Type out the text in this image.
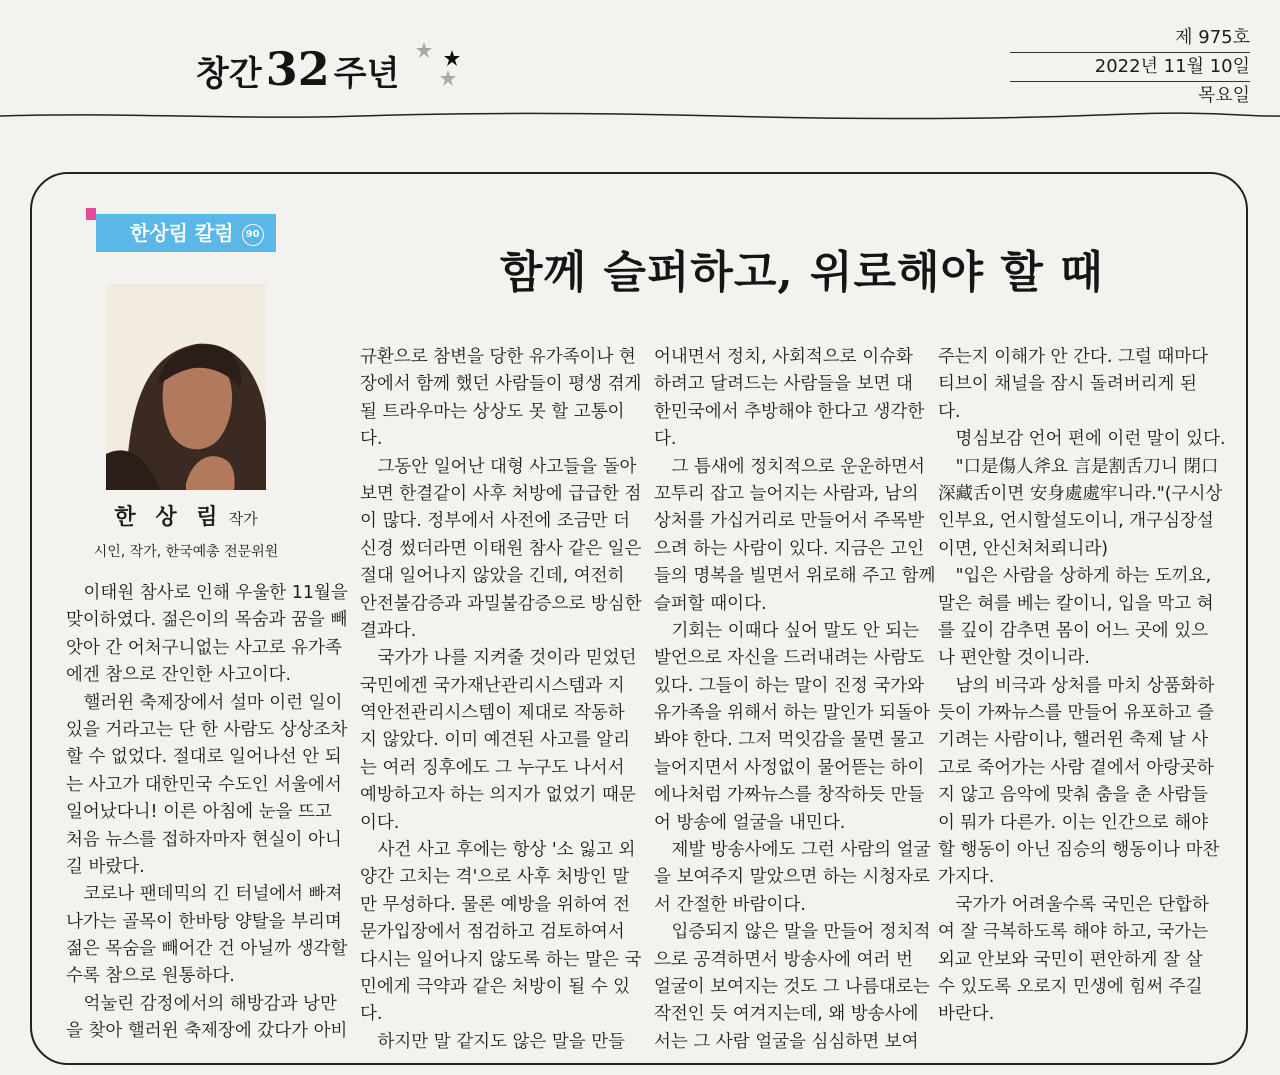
창간32 주년
제 975호
2022년 11월 10일
목요일
한상림 칼럼 90
함께 슬퍼하고, 위로해야 할 때
한 상 림 작가
시인, 작가, 한국예총 전문위원
　이태원 참사로 인해 우울한 11월을
맞이하였다. 젊은이의 목숨과 꿈을 빼
앗아 간 어처구니없는 사고로 유가족
에겐 참으로 잔인한 사고이다.
　핼러윈 축제장에서 설마 이런 일이
있을 거라고는 단 한 사람도 상상조차
할 수 없었다. 절대로 일어나선 안 되
는 사고가 대한민국 수도인 서울에서
일어났다니! 이른 아침에 눈을 뜨고
처음 뉴스를 접하자마자 현실이 아니
길 바랐다.
　코로나 팬데믹의 긴 터널에서 빠져
나가는 골목이 한바탕 양탈을 부리며
젊은 목숨을 빼어간 건 아닐까 생각할
수록 참으로 원통하다.
　억눌린 감정에서의 해방감과 낭만
을 찾아 핼러윈 축제장에 갔다가 아비
규환으로 참변을 당한 유가족이나 현
장에서 함께 했던 사람들이 평생 겪게
될 트라우마는 상상도 못 할 고통이
다.
　그동안 일어난 대형 사고들을 돌아
보면 한결같이 사후 처방에 급급한 점
이 많다. 정부에서 사전에 조금만 더
신경 썼더라면 이태원 참사 같은 일은
절대 일어나지 않았을 긴데, 여전히
안전불감증과 과밀불감증으로 방심한
결과다.
　국가가 나를 지켜줄 것이라 믿었던
국민에겐 국가재난관리시스템과 지
역안전관리시스템이 제대로 작동하
지 않았다. 이미 예견된 사고를 알리
는 여러 징후에도 그 누구도 나서서
예방하고자 하는 의지가 없었기 때문
이다.
　사건 사고 후에는 항상 '소 잃고 외
양간 고치는 격'으로 사후 처방인 말
만 무성하다. 물론 예방을 위하여 전
문가입장에서 점검하고 검토하여서
다시는 일어나지 않도록 하는 말은 국
민에게 극약과 같은 처방이 될 수 있
다.
　하지만 말 같지도 않은 말을 만들
어내면서 정치, 사회적으로 이슈화
하려고 달려드는 사람들을 보면 대
한민국에서 추방해야 한다고 생각한
다.
　그 틈새에 정치적으로 운운하면서
꼬투리 잡고 늘어지는 사람과, 남의
상처를 가십거리로 만들어서 주목받
으려 하는 사람이 있다. 지금은 고인
들의 명복을 빌면서 위로해 주고 함께
슬퍼할 때이다.
　기회는 이때다 싶어 말도 안 되는
발언으로 자신을 드러내려는 사람도
있다. 그들이 하는 말이 진정 국가와
유가족을 위해서 하는 말인가 되돌아
봐야 한다. 그저 먹잇감을 물면 물고
늘어지면서 사정없이 물어뜯는 하이
에나처럼 가짜뉴스를 창작하듯 만들
어 방송에 얼굴을 내민다.
　제발 방송사에도 그런 사람의 얼굴
을 보여주지 말았으면 하는 시청자로
서 간절한 바람이다.
　입증되지 않은 말을 만들어 정치적
으로 공격하면서 방송사에 여러 번
얼굴이 보여지는 것도 그 나름대로는
작전인 듯 여겨지는데, 왜 방송사에
서는 그 사람 얼굴을 심심하면 보여
주는지 이해가 안 간다. 그럴 때마다
티브이 채널을 잠시 돌려버리게 된
다.
　명심보감 언어 편에 이런 말이 있다.
　"口是傷人斧요 言是割舌刀니 閉口
深藏舌이면 安身處處牢니라."(구시상
인부요, 언시할설도이니, 개구심장설
이면, 안신처처뢰니라)
　"입은 사람을 상하게 하는 도끼요,
말은 혀를 베는 칼이니, 입을 막고 혀
를 깊이 감추면 몸이 어느 곳에 있으
나 편안할 것이니라.
　남의 비극과 상처를 마치 상품화하
듯이 가짜뉴스를 만들어 유포하고 즐
기려는 사람이나, 핼러윈 축제 날 사
고로 죽어가는 사람 곁에서 아랑곳하
지 않고 음악에 맞춰 춤을 춘 사람들
이 뭐가 다른가. 이는 인간으로 해야
할 행동이 아닌 짐승의 행동이나 마찬
가지다.
　국가가 어려울수록 국민은 단합하
여 잘 극복하도록 해야 하고, 국가는
외교 안보와 국민이 편안하게 잘 살
수 있도록 오로지 민생에 힘써 주길
바란다.
